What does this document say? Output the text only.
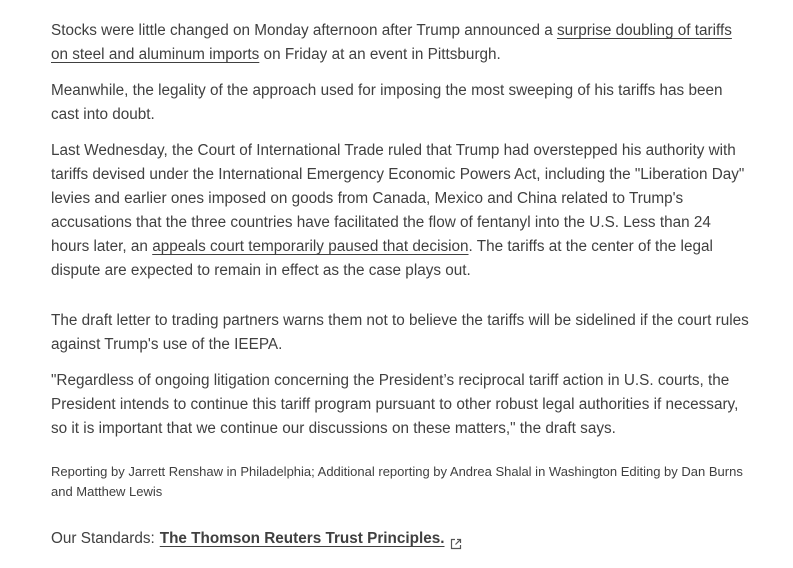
Stocks were little changed on Monday afternoon after Trump announced a surprise doubling of tariffs on steel and aluminum imports on Friday at an event in Pittsburgh.

Meanwhile, the legality of the approach used for imposing the most sweeping of his tariffs has been cast into doubt.

Last Wednesday, the Court of International Trade ruled that Trump had overstepped his authority with tariffs devised under the International Emergency Economic Powers Act, including the "Liberation Day" levies and earlier ones imposed on goods from Canada, Mexico and China related to Trump's accusations that the three countries have facilitated the flow of fentanyl into the U.S. Less than 24 hours later, an appeals court temporarily paused that decision. The tariffs at the center of the legal dispute are expected to remain in effect as the case plays out.

The draft letter to trading partners warns them not to believe the tariffs will be sidelined if the court rules against Trump's use of the IEEPA.

"Regardless of ongoing litigation concerning the President’s reciprocal tariff action in U.S. courts, the President intends to continue this tariff program pursuant to other robust legal authorities if necessary, so it is important that we continue our discussions on these matters," the draft says.

Reporting by Jarrett Renshaw in Philadelphia; Additional reporting by Andrea Shalal in Washington Editing by Dan Burns and Matthew Lewis

Our Standards: The Thomson Reuters Trust Principles.
